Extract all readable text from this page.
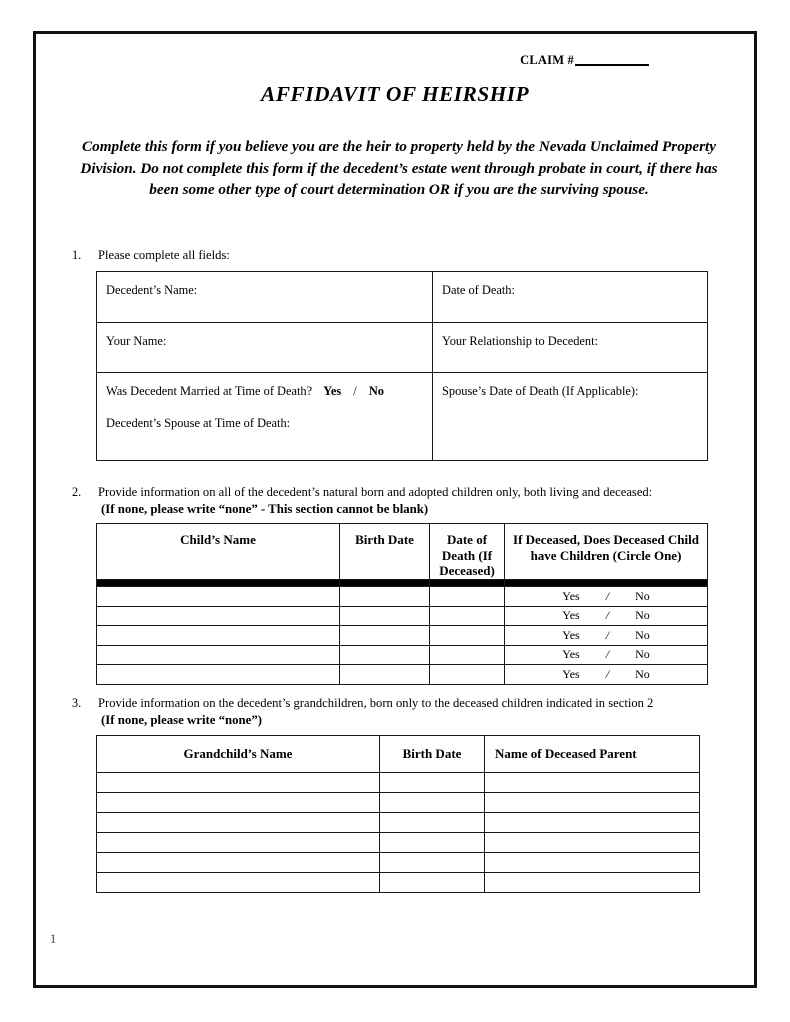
CLAIM #
AFFIDAVIT OF HEIRSHIP
Complete this form if you believe you are the heir to property held by the Nevada Unclaimed Property Division. Do not complete this form if the decedent’s estate went through probate in court, if there has been some other type of court determination OR if you are the surviving spouse.
1. Please complete all fields:
Decedent’s Name:	Date of Death:
Your Name:	Your Relationship to Decedent:
Was Decedent Married at Time of Death? Yes / No
Decedent’s Spouse at Time of Death:	Spouse’s Date of Death (If Applicable):
2. Provide information on all of the decedent’s natural born and adopted children only, both living and deceased:
(If none, please write “none” - This section cannot be blank)
Child’s Name	Birth Date	Date of Death (If Deceased)	If Deceased, Does Deceased Child have Children (Circle One)

			Yes / No
			Yes / No
			Yes / No
			Yes / No
			Yes / No
3. Provide information on the decedent’s grandchildren, born only to the deceased children indicated in section 2
(If none, please write “none”)
Grandchild’s Name	Birth Date	Name of Deceased Parent

1
